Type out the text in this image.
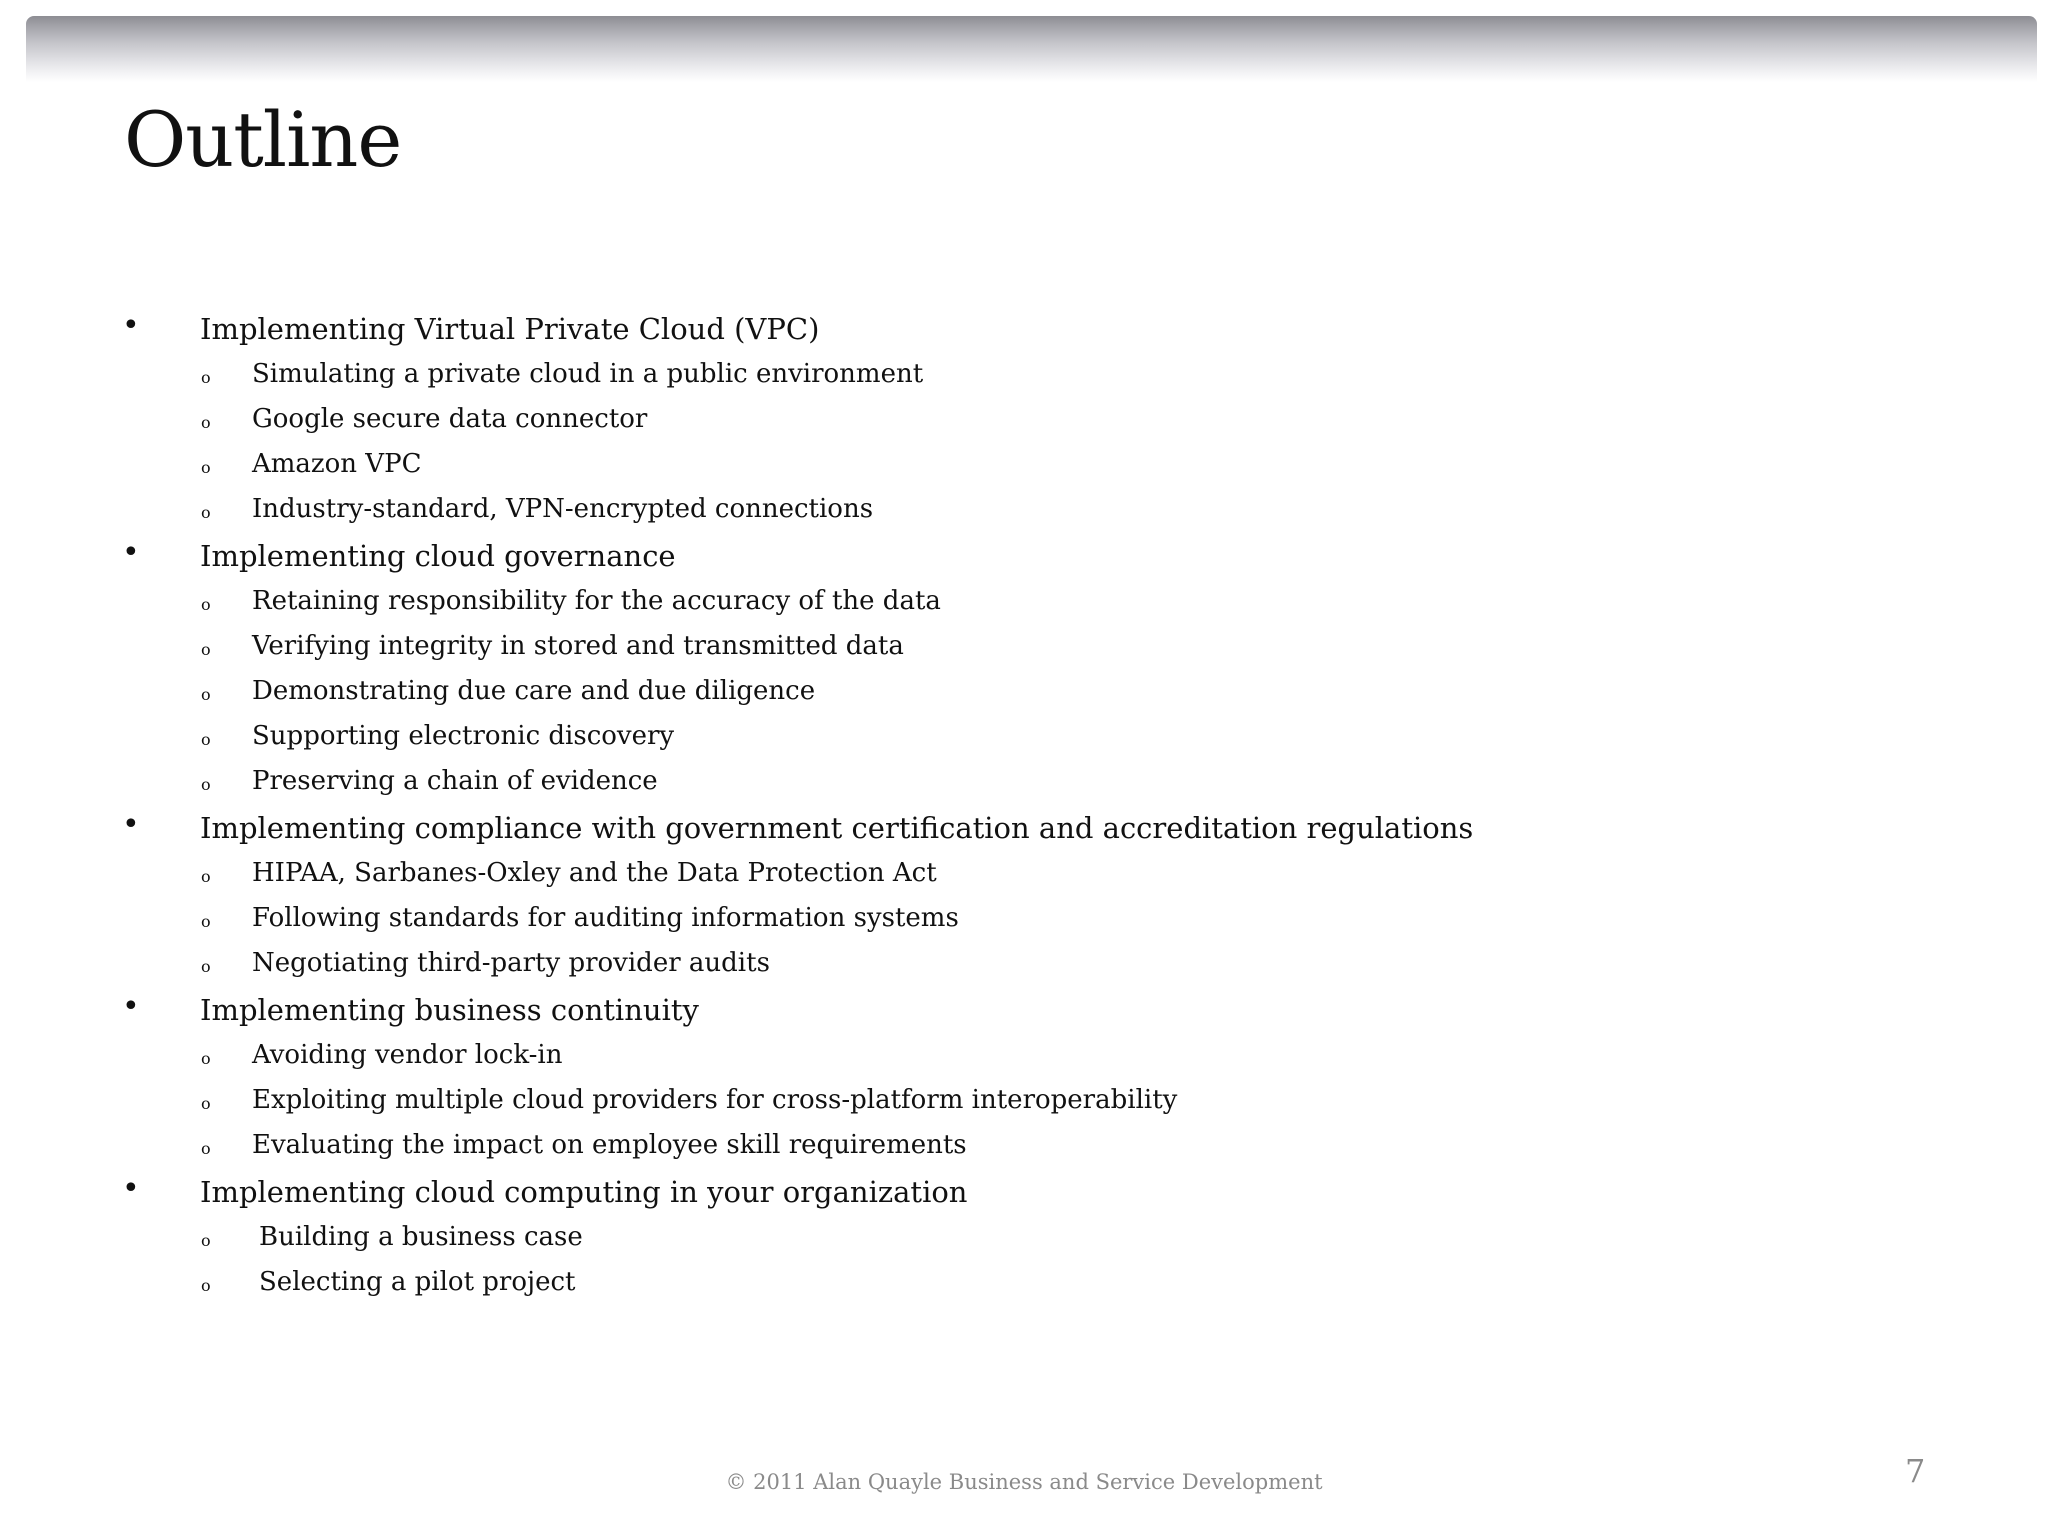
Outline
• Implementing Virtual Private Cloud (VPC)
o Simulating a private cloud in a public environment
o Google secure data connector
o Amazon VPC
o Industry-standard, VPN-encrypted connections
• Implementing cloud governance
o Retaining responsibility for the accuracy of the data
o Verifying integrity in stored and transmitted data
o Demonstrating due care and due diligence
o Supporting electronic discovery
o Preserving a chain of evidence
• Implementing compliance with government certification and accreditation regulations
o HIPAA, Sarbanes-Oxley and the Data Protection Act
o Following standards for auditing information systems
o Negotiating third-party provider audits
• Implementing business continuity
o Avoiding vendor lock-in
o Exploiting multiple cloud providers for cross-platform interoperability
o Evaluating the impact on employee skill requirements
• Implementing cloud computing in your organization
o Building a business case
o Selecting a pilot project
© 2011 Alan Quayle Business and Service Development	7
